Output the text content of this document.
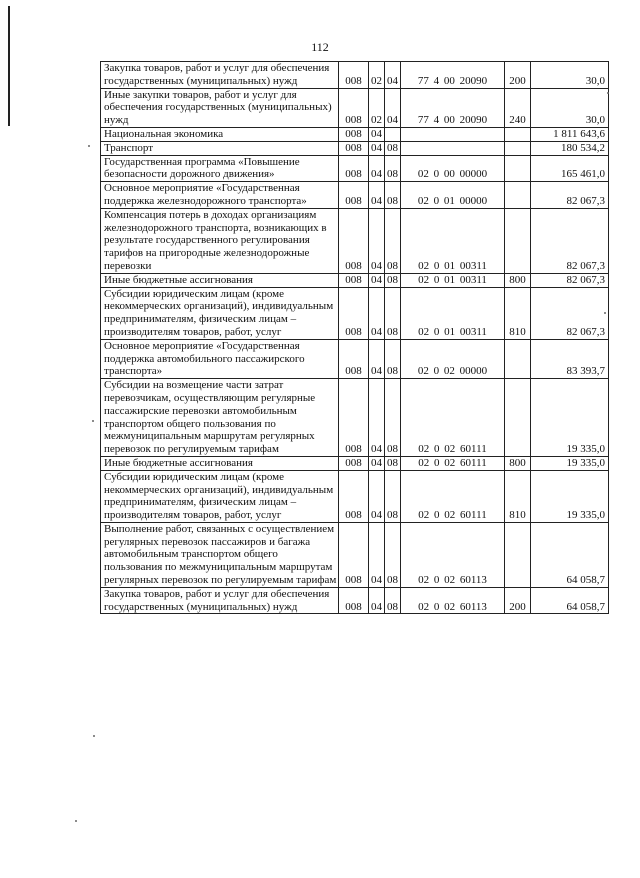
112
Закупка товаров, работ и услуг для обеспечения государственных (муниципальных) нужд	008	02	04	77 4 00 20090	200	30,0
Иные закупки товаров, работ и услуг для обеспечения государственных (муниципальных) нужд	008	02	04	77 4 00 20090	240	30,0
Национальная экономика	008	04				1 811 643,6
Транспорт	008	04	08			180 534,2
Государственная программа «Повышение безопасности дорожного движения»	008	04	08	02 0 00 00000		165 461,0
Основное мероприятие «Государственная поддержка железнодорожного транспорта»	008	04	08	02 0 01 00000		82 067,3
Компенсация потерь в доходах организациям железнодорожного транспорта, возникающих в результате государственного регулирования тарифов на пригородные железнодорожные перевозки	008	04	08	02 0 01 00311		82 067,3
Иные бюджетные ассигнования	008	04	08	02 0 01 00311	800	82 067,3
Субсидии юридическим лицам (кроме некоммерческих организаций), индивидуальным предпринимателям, физическим лицам – производителям товаров, работ, услуг	008	04	08	02 0 01 00311	810	82 067,3
Основное мероприятие «Государственная поддержка автомобильного пассажирского транспорта»	008	04	08	02 0 02 00000		83 393,7
Субсидии на возмещение части затрат перевозчикам, осуществляющим регулярные пассажирские перевозки автомобильным транспортом общего пользования по межмуниципальным маршрутам регулярных перевозок по регулируемым тарифам	008	04	08	02 0 02 60111		19 335,0
Иные бюджетные ассигнования	008	04	08	02 0 02 60111	800	19 335,0
Субсидии юридическим лицам (кроме некоммерческих организаций), индивидуальным предпринимателям, физическим лицам – производителям товаров, работ, услуг	008	04	08	02 0 02 60111	810	19 335,0
Выполнение работ, связанных с осуществлением регулярных перевозок пассажиров и багажа автомобильным транспортом общего пользования по межмуниципальным маршрутам регулярных перевозок по регулируемым тарифам	008	04	08	02 0 02 60113		64 058,7
Закупка товаров, работ и услуг для обеспечения государственных (муниципальных) нужд	008	04	08	02 0 02 60113	200	64 058,7
